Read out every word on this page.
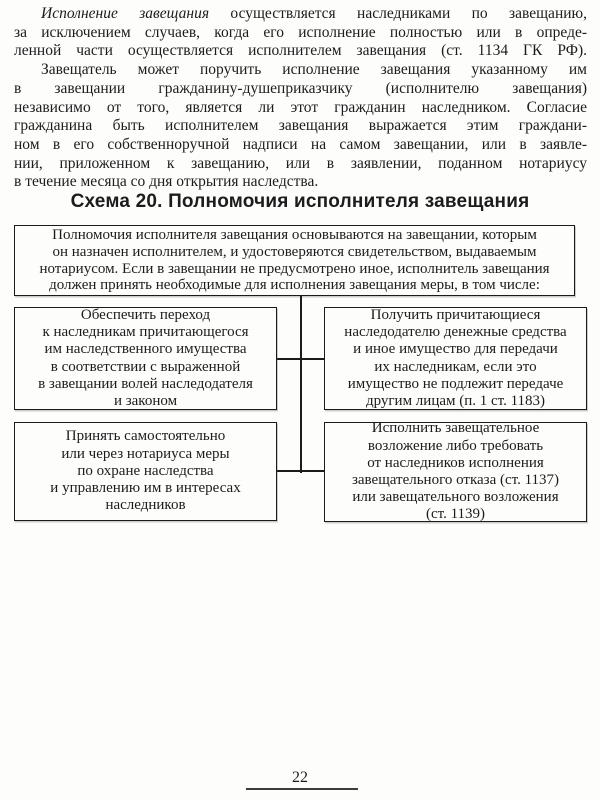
Исполнение завещания осуществляется наследниками по завещанию,
за исключением случаев, когда его исполнение полностью или в опреде-
ленной части осуществляется исполнителем завещания (ст. 1134 ГК РФ).
Завещатель может поручить исполнение завещания указанному им
в завещании гражданину-душеприказчику (исполнителю завещания)
независимо от того, является ли этот гражданин наследником. Согласие
гражданина быть исполнителем завещания выражается этим граждани-
ном в его собственноручной надписи на самом завещании, или в заявле-
нии, приложенном к завещанию, или в заявлении, поданном нотариусу
в течение месяца со дня открытия наследства.
Схема 20. Полномочия исполнителя завещания
Полномочия исполнителя завещания основываются на завещании, которым
он назначен исполнителем, и удостоверяются свидетельством, выдаваемым
нотариусом. Если в завещании не предусмотрено иное, исполнитель завещания
должен принять необходимые для исполнения завещания меры, в том числе:
Обеспечить переход
к наследникам причитающегося
им наследственного имущества
в соответствии с выраженной
в завещании волей наследодателя
и законом
Получить причитающиеся
наследодателю денежные средства
и иное имущество для передачи
их наследникам, если это
имущество не подлежит передаче
другим лицам (п. 1 ст. 1183)
Принять самостоятельно
или через нотариуса меры
по охране наследства
и управлению им в интересах
наследников
Исполнить завещательное
возложение либо требовать
от наследников исполнения
завещательного отказа (ст. 1137)
или завещательного возложения
(ст. 1139)
22
